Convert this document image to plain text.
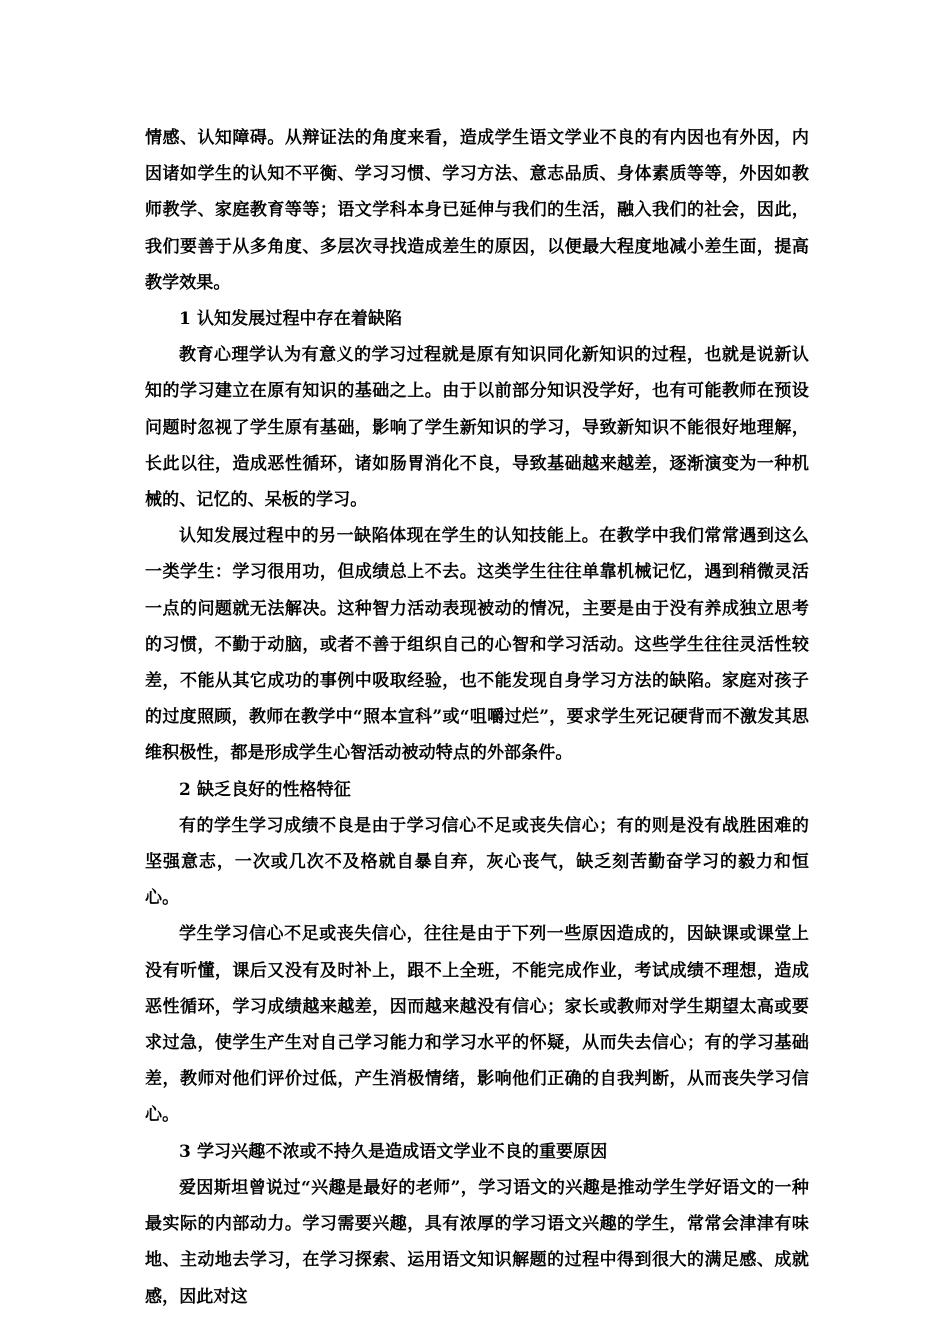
情感、认知障碍。从辩证法的角度来看，造成学生语文学业不良的有内因也有外因，内因诸如学生的认知不平衡、学习习惯、学习方法、意志品质、身体素质等等，外因如教师教学、家庭教育等等；语文学科本身已延伸与我们的生活，融入我们的社会，因此，我们要善于从多角度、多层次寻找造成差生的原因，以便最大程度地减小差生面，提高教学效果。

1 认知发展过程中存在着缺陷

教育心理学认为有意义的学习过程就是原有知识同化新知识的过程，也就是说新认知的学习建立在原有知识的基础之上。由于以前部分知识没学好，也有可能教师在预设问题时忽视了学生原有基础，影响了学生新知识的学习，导致新知识不能很好地理解，长此以往，造成恶性循环，诸如肠胃消化不良，导致基础越来越差，逐渐演变为一种机械的、记忆的、呆板的学习。

认知发展过程中的另一缺陷体现在学生的认知技能上。在教学中我们常常遇到这么一类学生：学习很用功，但成绩总上不去。这类学生往往单靠机械记忆，遇到稍微灵活一点的问题就无法解决。这种智力活动表现被动的情况，主要是由于没有养成独立思考的习惯，不勤于动脑，或者不善于组织自己的心智和学习活动。这些学生往往灵活性较差，不能从其它成功的事例中吸取经验，也不能发现自身学习方法的缺陷。家庭对孩子的过度照顾，教师在教学中“照本宣科”或“咀嚼过烂”，要求学生死记硬背而不激发其思维积极性，都是形成学生心智活动被动特点的外部条件。

2 缺乏良好的性格特征

有的学生学习成绩不良是由于学习信心不足或丧失信心；有的则是没有战胜困难的坚强意志，一次或几次不及格就自暴自弃，灰心丧气，缺乏刻苦勤奋学习的毅力和恒心。

学生学习信心不足或丧失信心，往往是由于下列一些原因造成的，因缺课或课堂上没有听懂，课后又没有及时补上，跟不上全班，不能完成作业，考试成绩不理想，造成恶性循环，学习成绩越来越差，因而越来越没有信心；家长或教师对学生期望太高或要求过急，使学生产生对自己学习能力和学习水平的怀疑，从而失去信心；有的学习基础差，教师对他们评价过低，产生消极情绪，影响他们正确的自我判断，从而丧失学习信心。

3 学习兴趣不浓或不持久是造成语文学业不良的重要原因

爱因斯坦曾说过“兴趣是最好的老师”，学习语文的兴趣是推动学生学好语文的一种最实际的内部动力。学习需要兴趣，具有浓厚的学习语文兴趣的学生，常常会津津有味地、主动地去学习，在学习探索、运用语文知识解题的过程中得到很大的满足感、成就感，因此对这
